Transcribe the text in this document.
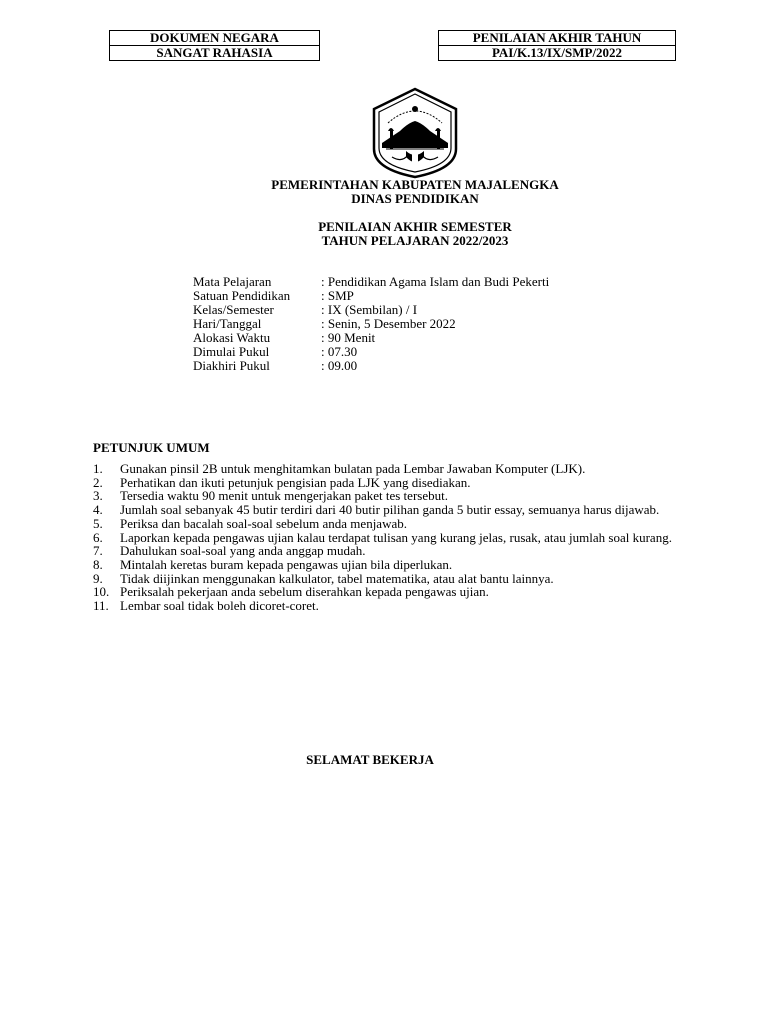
DOKUMEN NEGARA
SANGAT RAHASIA
PENILAIAN AKHIR TAHUN
PAI/K.13/IX/SMP/2022
PEMERINTAHAN KABUPATEN MAJALENGKA
DINAS PENDIDIKAN
PENILAIAN AKHIR SEMESTER
TAHUN PELAJARAN 2022/2023
Mata Pelajaran	: Pendidikan Agama Islam dan Budi Pekerti
Satuan Pendidikan : SMP
Kelas/Semester	: IX (Sembilan) / I
Hari/Tanggal	: Senin, 5 Desember 2022
Alokasi Waktu	: 90 Menit
Dimulai Pukul	: 07.30
Diakhiri Pukul	: 09.00
PETUNJUK UMUM
1.	Gunakan pinsil 2B untuk menghitamkan bulatan pada Lembar Jawaban Komputer (LJK).
2.	Perhatikan dan ikuti petunjuk pengisian pada LJK yang disediakan.
3.	Tersedia waktu 90 menit untuk mengerjakan paket tes tersebut.
4.	Jumlah soal sebanyak 45 butir terdiri dari 40 butir pilihan ganda 5 butir essay, semuanya harus dijawab.
5.	Periksa dan bacalah soal-soal sebelum anda menjawab.
6.	Laporkan kepada pengawas ujian kalau terdapat tulisan yang kurang jelas, rusak, atau jumlah soal kurang.
7.	Dahulukan soal-soal yang anda anggap mudah.
8.	Mintalah keretas buram kepada pengawas ujian bila diperlukan.
9.	Tidak diijinkan menggunakan kalkulator, tabel matematika, atau alat bantu lainnya.
10. Periksalah pekerjaan anda sebelum diserahkan kepada pengawas ujian.
11. Lembar soal tidak boleh dicoret-coret.
SELAMAT BEKERJA
